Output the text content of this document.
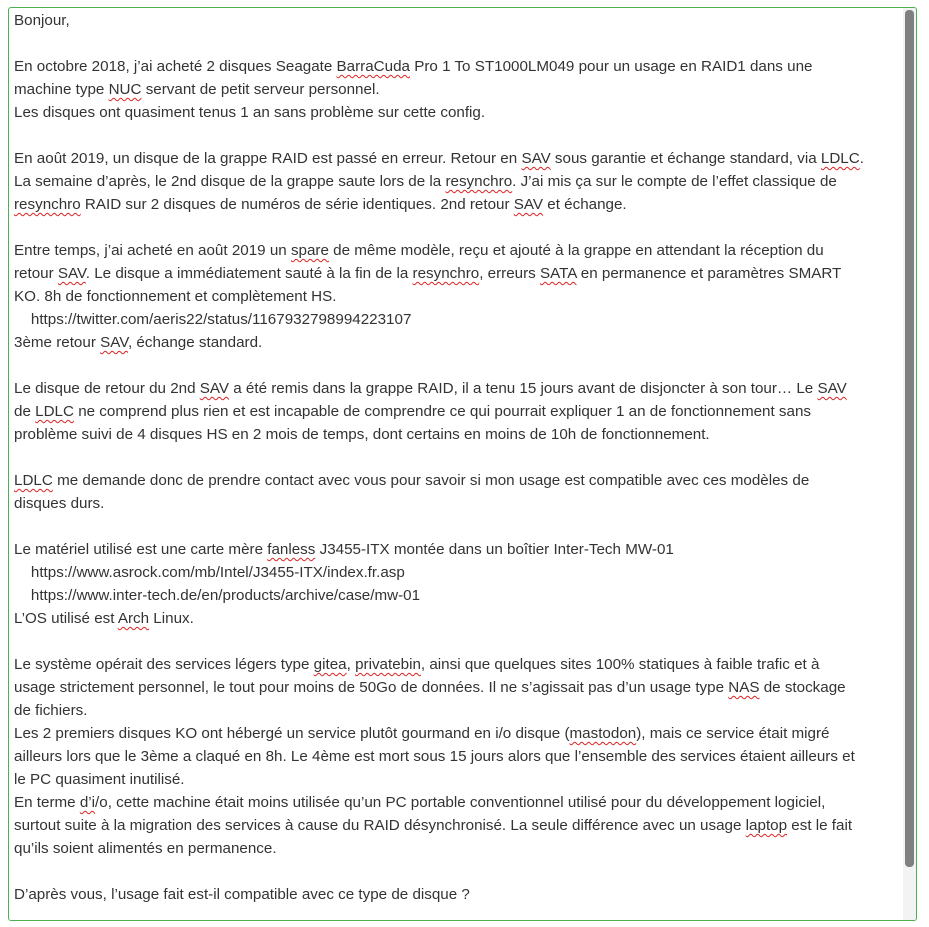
Bonjour,
En octobre 2018, j’ai acheté 2 disques Seagate BarraCuda Pro 1 To ST1000LM049 pour un usage en RAID1 dans une
machine type NUC servant de petit serveur personnel.
Les disques ont quasiment tenus 1 an sans problème sur cette config.
En août 2019, un disque de la grappe RAID est passé en erreur. Retour en SAV sous garantie et échange standard, via LDLC.
La semaine d’après, le 2nd disque de la grappe saute lors de la resynchro. J’ai mis ça sur le compte de l’effet classique de
resynchro RAID sur 2 disques de numéros de série identiques. 2nd retour SAV et échange.
Entre temps, j’ai acheté en août 2019 un spare de même modèle, reçu et ajouté à la grappe en attendant la réception du
retour SAV. Le disque a immédiatement sauté à la fin de la resynchro, erreurs SATA en permanence et paramètres SMART
KO. 8h de fonctionnement et complètement HS.
https://twitter.com/aeris22/status/1167932798994223107
3ème retour SAV, échange standard.
Le disque de retour du 2nd SAV a été remis dans la grappe RAID, il a tenu 15 jours avant de disjoncter à son tour… Le SAV
de LDLC ne comprend plus rien et est incapable de comprendre ce qui pourrait expliquer 1 an de fonctionnement sans
problème suivi de 4 disques HS en 2 mois de temps, dont certains en moins de 10h de fonctionnement.
LDLC me demande donc de prendre contact avec vous pour savoir si mon usage est compatible avec ces modèles de
disques durs.
Le matériel utilisé est une carte mère fanless J3455-ITX montée dans un boîtier Inter-Tech MW-01
https://www.asrock.com/mb/Intel/J3455-ITX/index.fr.asp
https://www.inter-tech.de/en/products/archive/case/mw-01
L’OS utilisé est Arch Linux.
Le système opérait des services légers type gitea, privatebin, ainsi que quelques sites 100% statiques à faible trafic et à
usage strictement personnel, le tout pour moins de 50Go de données. Il ne s’agissait pas d’un usage type NAS de stockage
de fichiers.
Les 2 premiers disques KO ont hébergé un service plutôt gourmand en i/o disque (mastodon), mais ce service était migré
ailleurs lors que le 3ème a claqué en 8h. Le 4ème est mort sous 15 jours alors que l’ensemble des services étaient ailleurs et
le PC quasiment inutilisé.
En terme d’i/o, cette machine était moins utilisée qu’un PC portable conventionnel utilisé pour du développement logiciel,
surtout suite à la migration des services à cause du RAID désynchronisé. La seule différence avec un usage laptop est le fait
qu’ils soient alimentés en permanence.
D’après vous, l’usage fait est-il compatible avec ce type de disque ?
